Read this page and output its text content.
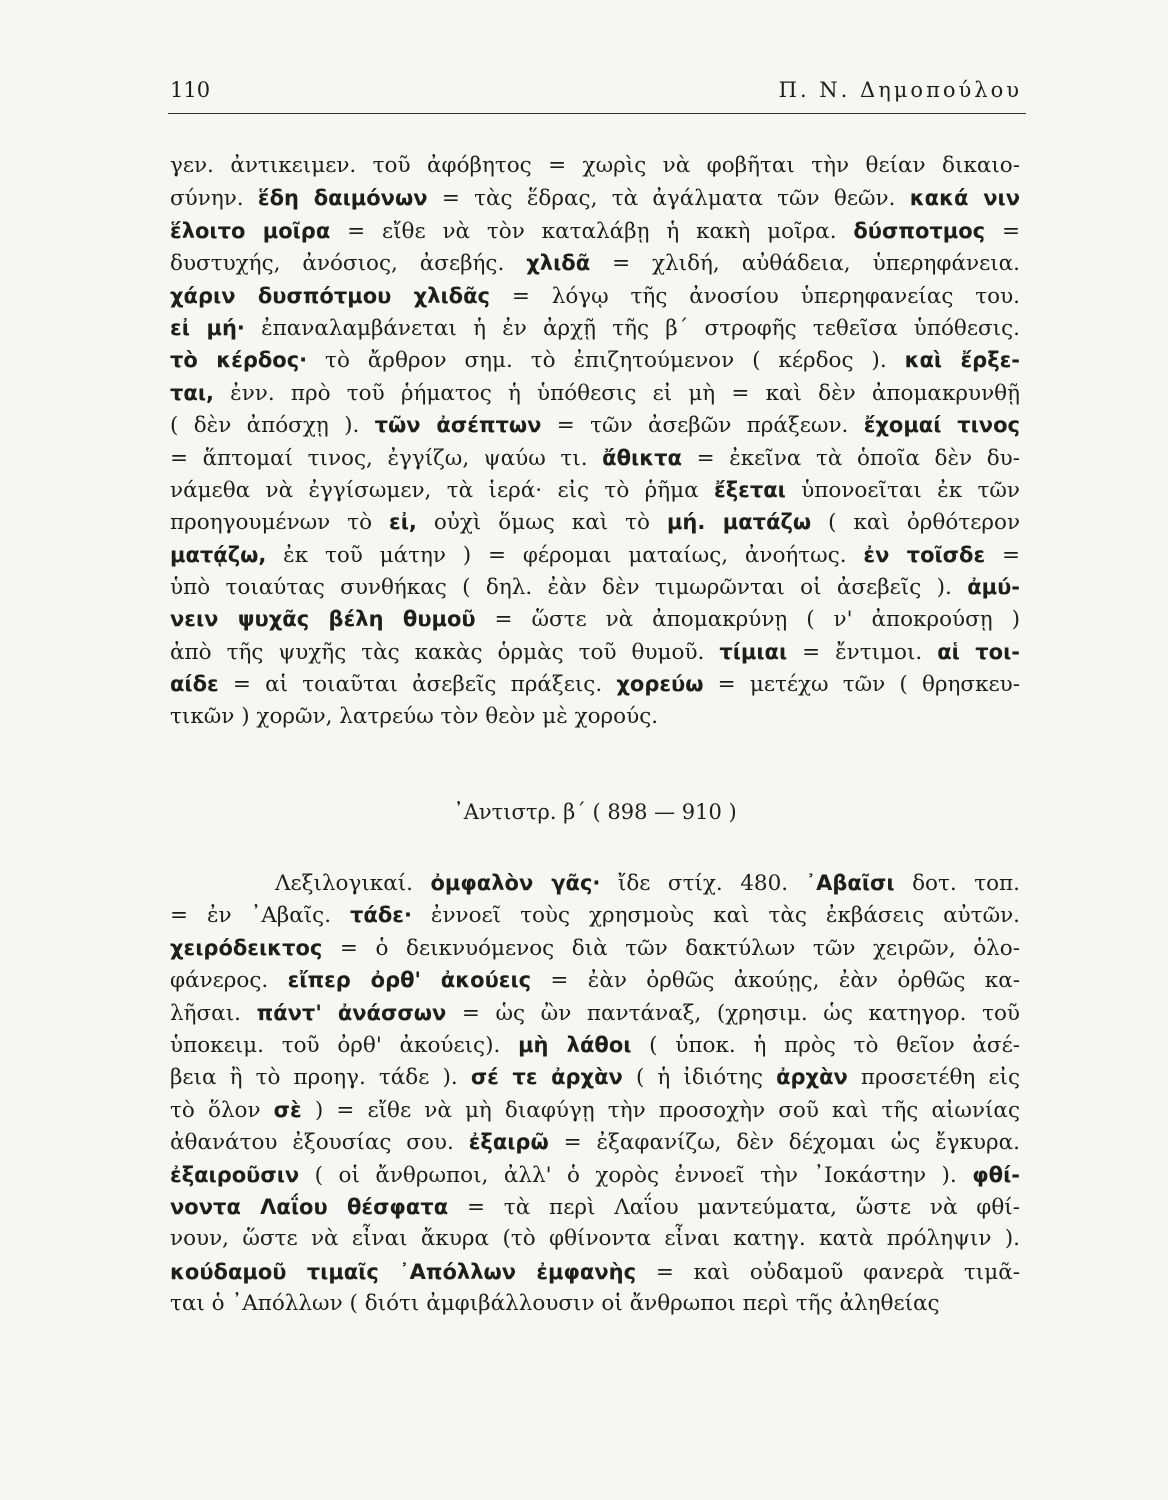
110	Π. Ν. Δημοπούλου
γεν. ἀντικειμεν. τοῦ ἀφόβητος = χωρὶς νὰ φοβῆται τὴν θείαν δικαιο-
σύνην. ἕδη δαιμόνων = τὰς ἕδρας, τὰ ἀγάλματα τῶν θεῶν. κακά νιν
ἕλοιτο μοῖρα = εἴθε νὰ τὸν καταλάβῃ ἡ κακὴ μοῖρα. δύσποτμος =
δυστυχής, ἀνόσιος, ἀσεβής. χλιδᾶ = χλιδή, αὐθάδεια, ὑπερηφάνεια.
χάριν δυσπότμου χλιδᾶς = λόγῳ τῆς ἀνοσίου ὑπερηφανείας του.
εἰ μή· ἐπαναλαμβάνεται ἡ ἐν ἀρχῇ τῆς β΄ στροφῆς τεθεῖσα ὑπόθεσις.
τὸ κέρδος· τὸ ἄρθρον σημ. τὸ ἐπιζητούμενον ( κέρδος ). καὶ ἔρξε-
ται, ἐνν. πρὸ τοῦ ῥήματος ἡ ὑπόθεσις εἰ μὴ = καὶ δὲν ἀπομακρυνθῇ
( δὲν ἀπόσχῃ ). τῶν ἀσέπτων = τῶν ἀσεβῶν πράξεων. ἔχομαί τινος
= ἅπτομαί τινος, ἐγγίζω, ψαύω τι. ἄθικτα = ἐκεῖνα τὰ ὁποῖα δὲν δυ-
νάμεθα νὰ ἐγγίσωμεν, τὰ ἱερά· εἰς τὸ ῥῆμα ἔξεται ὑπονοεῖται ἐκ τῶν
προηγουμένων τὸ εἰ, οὐχὶ ὅμως καὶ τὸ μή. ματάζω ( καὶ ὀρθότερον
ματᾴζω, ἐκ τοῦ μάτην ) = φέρομαι ματαίως, ἀνοήτως. ἐν τοῖσδε =
ὑπὸ τοιαύτας συνθήκας ( δηλ. ἐὰν δὲν τιμωρῶνται οἱ ἀσεβεῖς ). ἀμύ-
νειν ψυχᾶς βέλη θυμοῦ = ὥστε νὰ ἀπομακρύνῃ ( ν' ἀποκρούσῃ )
ἀπὸ τῆς ψυχῆς τὰς κακὰς ὁρμὰς τοῦ θυμοῦ. τίμιαι = ἔντιμοι. αἱ τοι-
αίδε = αἱ τοιαῦται ἀσεβεῖς πράξεις. χορεύω = μετέχω τῶν ( θρησκευ-
τικῶν ) χορῶν, λατρεύω τὸν θεὸν μὲ χορούς.
᾿Αντιστρ. β΄ ( 898 — 910 )
Λεξιλογικαί. ὀμφαλὸν γᾶς· ἴδε στίχ. 480. ᾿Αβαῖσι δοτ. τοπ.
= ἐν ᾿Αβαῖς. τάδε· ἐννοεῖ τοὺς χρησμοὺς καὶ τὰς ἐκβάσεις αὐτῶν.
χειρόδεικτος = ὁ δεικνυόμενος διὰ τῶν δακτύλων τῶν χειρῶν, ὁλο-
φάνερος. εἴπερ ὀρθ' ἀκούεις = ἐὰν ὀρθῶς ἀκούῃς, ἐὰν ὀρθῶς κα-
λῆσαι. πάντ' ἀνάσσων = ὡς ὢν παντάναξ, (χρησιμ. ὡς κατηγορ. τοῦ
ὑποκειμ. τοῦ ὀρθ' ἀκούεις). μὴ λάθοι ( ὑποκ. ἡ πρὸς τὸ θεῖον ἀσέ-
βεια ἢ τὸ προηγ. τάδε ). σέ τε ἀρχὰν ( ἡ ἰδιότης ἀρχὰν προσετέθη εἰς
τὸ ὅλον σὲ ) = εἴθε νὰ μὴ διαφύγῃ τὴν προσοχὴν σοῦ καὶ τῆς αἰωνίας
ἀθανάτου ἐξουσίας σου. ἐξαιρῶ = ἐξαφανίζω, δὲν δέχομαι ὡς ἔγκυρα.
ἐξαιροῦσιν ( οἱ ἄνθρωποι, ἀλλ' ὁ χορὸς ἐννοεῖ τὴν ᾿Ιοκάστην ). φθί-
νοντα Λαΐου θέσφατα = τὰ περὶ Λαΐου μαντεύματα, ὥστε νὰ φθί-
νουν, ὥστε νὰ εἶναι ἄκυρα (τὸ φθίνοντα εἶναι κατηγ. κατὰ πρόληψιν ).
κούδαμοῦ τιμαῖς ᾿Απόλλων ἐμφανὴς = καὶ οὐδαμοῦ φανερὰ τιμᾶ-
ται ὁ ᾿Απόλλων ( διότι ἀμφιβάλλουσιν οἱ ἄνθρωποι περὶ τῆς ἀληθείας
